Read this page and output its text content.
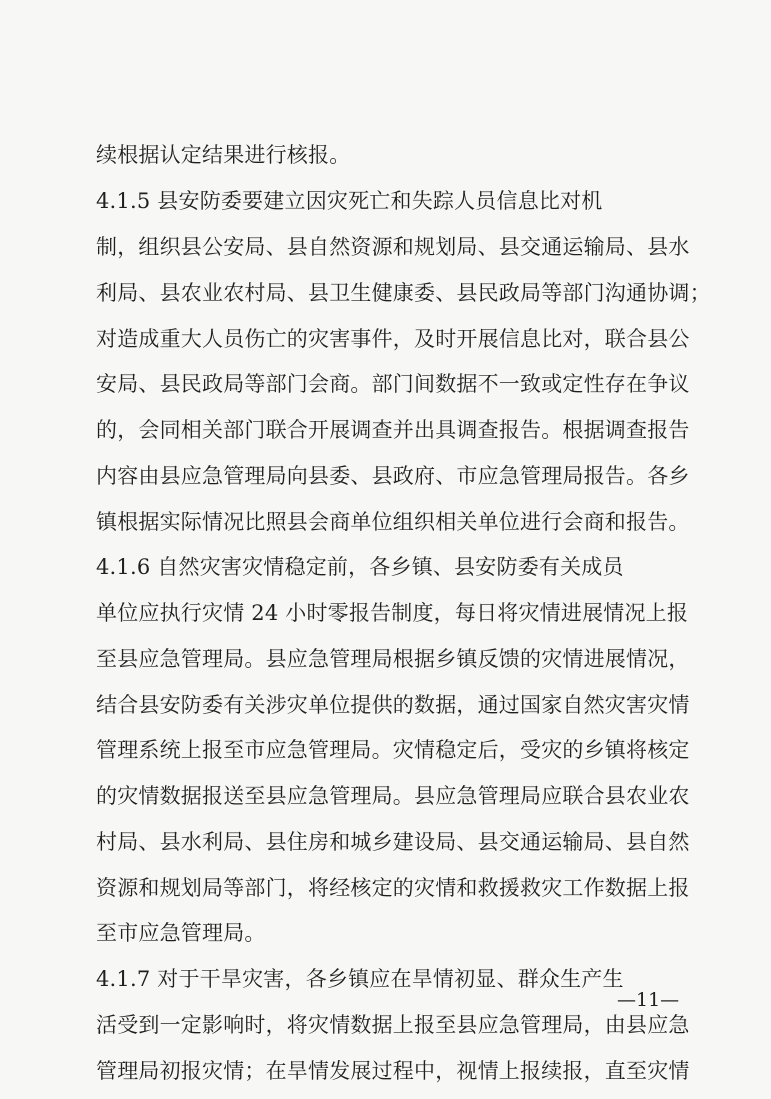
续根据认定结果进行核报。
4.1.5 县安防委要建立因灾死亡和失踪人员信息比对机
制，组织县公安局、县自然资源和规划局、县交通运输局、县水
利局、县农业农村局、县卫生健康委、县民政局等部门沟通协调；
对造成重大人员伤亡的灾害事件，及时开展信息比对，联合县公
安局、县民政局等部门会商。部门间数据不一致或定性存在争议
的，会同相关部门联合开展调查并出具调查报告。根据调查报告
内容由县应急管理局向县委、县政府、市应急管理局报告。各乡
镇根据实际情况比照县会商单位组织相关单位进行会商和报告。
4.1.6 自然灾害灾情稳定前，各乡镇、县安防委有关成员
单位应执行灾情 24 小时零报告制度，每日将灾情进展情况上报
至县应急管理局。县应急管理局根据乡镇反馈的灾情进展情况，
结合县安防委有关涉灾单位提供的数据，通过国家自然灾害灾情
管理系统上报至市应急管理局。灾情稳定后，受灾的乡镇将核定
的灾情数据报送至县应急管理局。县应急管理局应联合县农业农
村局、县水利局、县住房和城乡建设局、县交通运输局、县自然
资源和规划局等部门，将经核定的灾情和救援救灾工作数据上报
至市应急管理局。
4.1.7 对于干旱灾害，各乡镇应在旱情初显、群众生产生
活受到一定影响时，将灾情数据上报至县应急管理局，由县应急
管理局初报灾情；在旱情发展过程中，视情上报续报，直至灾情
—11—
